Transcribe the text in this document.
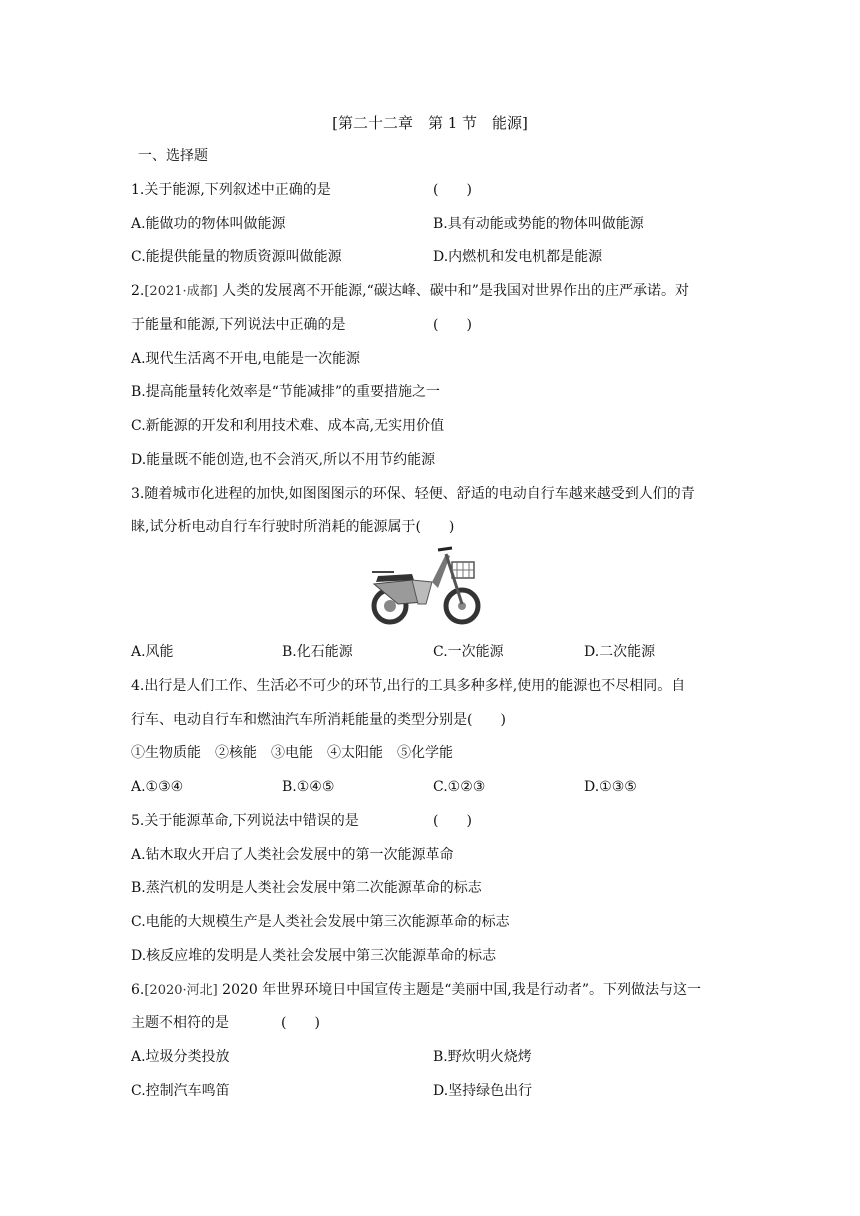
[第二十二章　第 1 节　能源]
一、选择题
1.关于能源,下列叙述中正确的是	(　　)
A.能做功的物体叫做能源	B.具有动能或势能的物体叫做能源
C.能提供能量的物质资源叫做能源	D.内燃机和发电机都是能源
2.[2021·成都] 人类的发展离不开能源,“碳达峰、碳中和”是我国对世界作出的庄严承诺。对
于能量和能源,下列说法中正确的是	(　　)
A.现代生活离不开电,电能是一次能源
B.提高能量转化效率是“节能减排”的重要措施之一
C.新能源的开发和利用技术难、成本高,无实用价值
D.能量既不能创造,也不会消灭,所以不用节约能源
3.随着城市化进程的加快,如图图图示的环保、轻便、舒适的电动自行车越来越受到人们的青
睐,试分析电动自行车行驶时所消耗的能源属于(　　)
A.风能	B.化石能源	C.一次能源	D.二次能源
4.出行是人们工作、生活必不可少的环节,出行的工具多种多样,使用的能源也不尽相同。自
行车、电动自行车和燃油汽车所消耗能量的类型分别是(　　)
①生物质能　②核能　③电能　④太阳能　⑤化学能
A.①③④	B.①④⑤	C.①②③	D.①③⑤
5.关于能源革命,下列说法中错误的是	(　　)
A.钻木取火开启了人类社会发展中的第一次能源革命
B.蒸汽机的发明是人类社会发展中第二次能源革命的标志
C.电能的大规模生产是人类社会发展中第三次能源革命的标志
D.核反应堆的发明是人类社会发展中第三次能源革命的标志
6.[2020·河北] 2020 年世界环境日中国宣传主题是“美丽中国,我是行动者”。下列做法与这一
主题不相符的是	(　　)
A.垃圾分类投放	B.野炊明火烧烤
C.控制汽车鸣笛	D.坚持绿色出行
